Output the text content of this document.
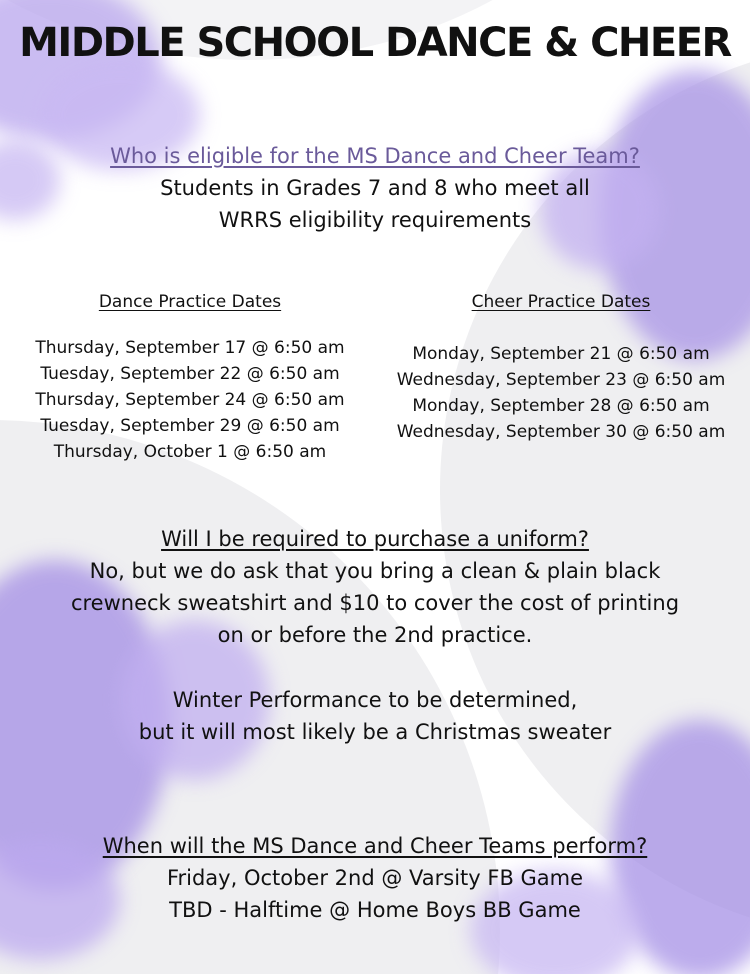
MIDDLE SCHOOL DANCE & CHEER
Who is eligible for the MS Dance and Cheer Team?
Students in Grades 7 and 8 who meet all
WRRS eligibility requirements
Dance Practice Dates
Thursday, September 17 @ 6:50 am
Tuesday, September 22 @ 6:50 am
Thursday, September 24 @ 6:50 am
Tuesday, September 29 @ 6:50 am
Thursday, October 1 @ 6:50 am
Cheer Practice Dates
Monday, September 21 @ 6:50 am
Wednesday, September 23 @ 6:50 am
Monday, September 28 @ 6:50 am
Wednesday, September 30 @ 6:50 am
Will I be required to purchase a uniform?
No, but we do ask that you bring a clean & plain black
crewneck sweatshirt and $10 to cover the cost of printing
on or before the 2nd practice.
Winter Performance to be determined,
but it will most likely be a Christmas sweater
When will the MS Dance and Cheer Teams perform?
Friday, October 2nd @ Varsity FB Game
TBD - Halftime @ Home Boys BB Game
